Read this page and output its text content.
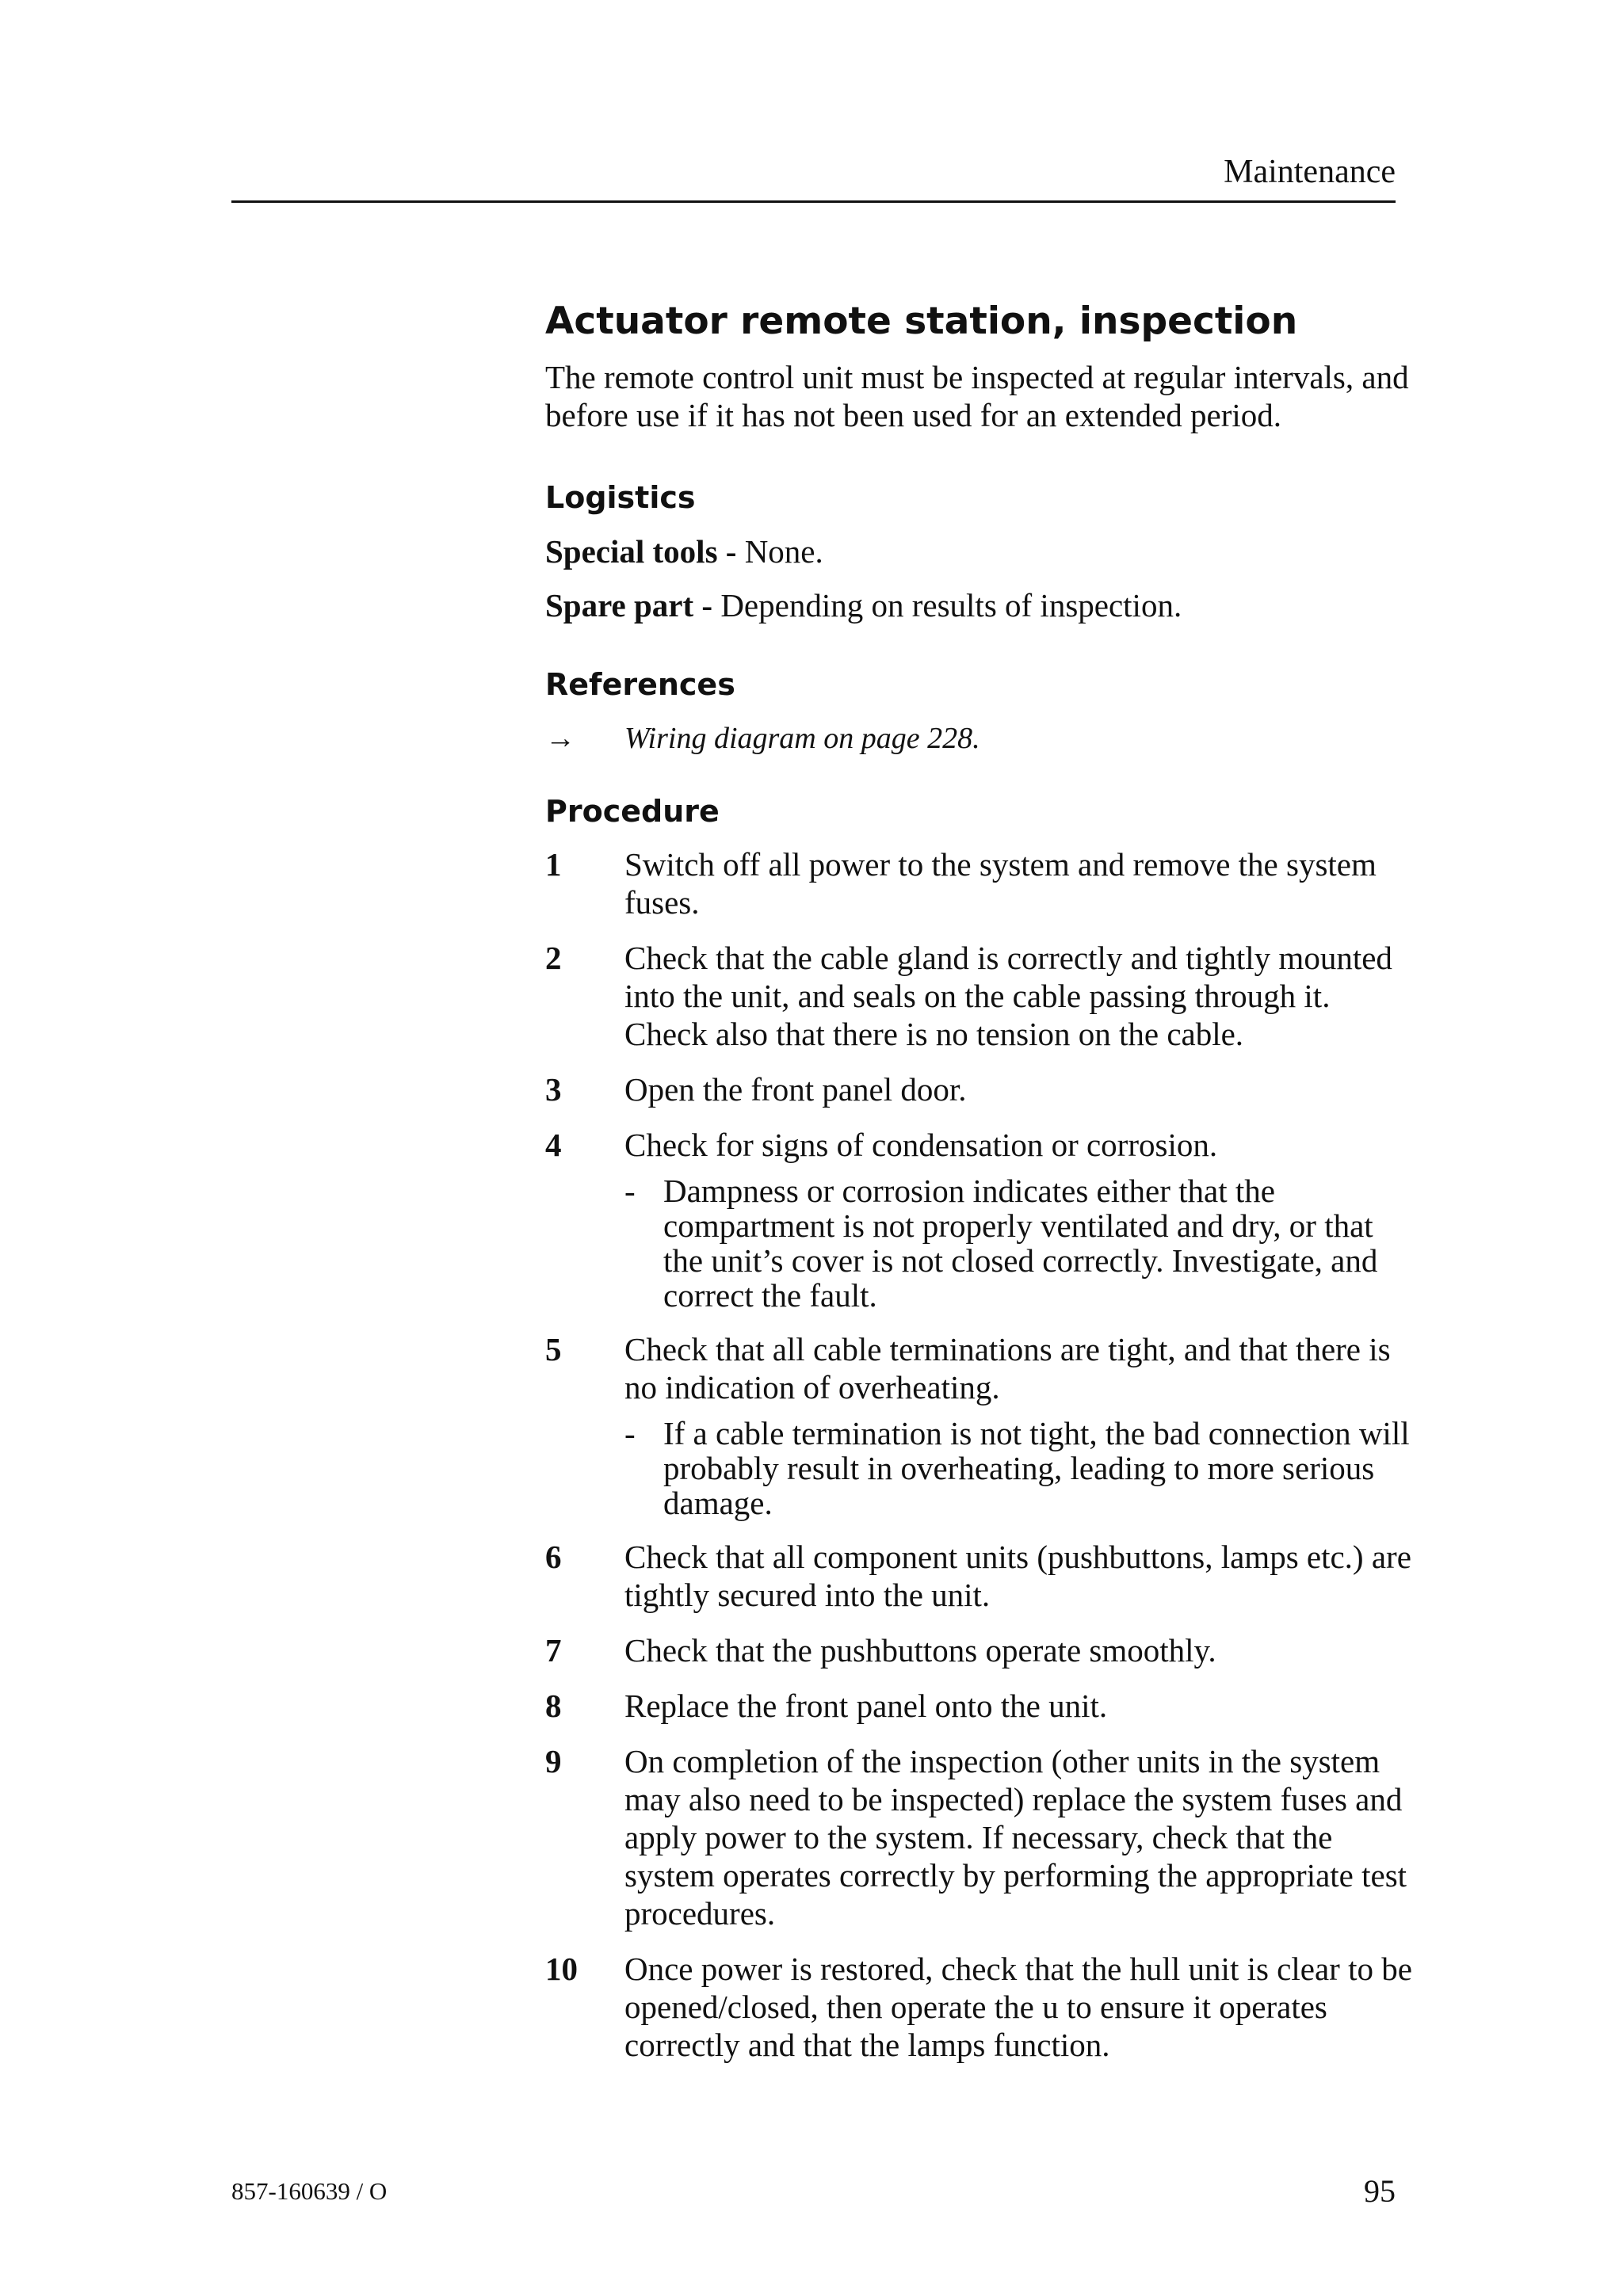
Maintenance
Actuator remote station, inspection
The remote control unit must be inspected at regular intervals, and before use if it has not been used for an extended period.
Logistics
Special tools - None.
Spare part - Depending on results of inspection.
References
→	Wiring diagram on page 228.
Procedure
1	Switch off all power to the system and remove the system fuses.
2	Check that the cable gland is correctly and tightly mounted into the unit, and seals on the cable passing through it. Check also that there is no tension on the cable.
3	Open the front panel door.
4	Check for signs of condensation or corrosion.
- Dampness or corrosion indicates either that the compartment is not properly ventilated and dry, or that the unit’s cover is not closed correctly. Investigate, and correct the fault.
5	Check that all cable terminations are tight, and that there is no indication of overheating.
- If a cable termination is not tight, the bad connection will probably result in overheating, leading to more serious damage.
6	Check that all component units (pushbuttons, lamps etc.) are tightly secured into the unit.
7	Check that the pushbuttons operate smoothly.
8	Replace the front panel onto the unit.
9	On completion of the inspection (other units in the system may also need to be inspected) replace the system fuses and apply power to the system. If necessary, check that the system operates correctly by performing the appropriate test procedures.
10	Once power is restored, check that the hull unit is clear to be opened/closed, then operate the u to ensure it operates correctly and that the lamps function.
857-160639 / O	95
